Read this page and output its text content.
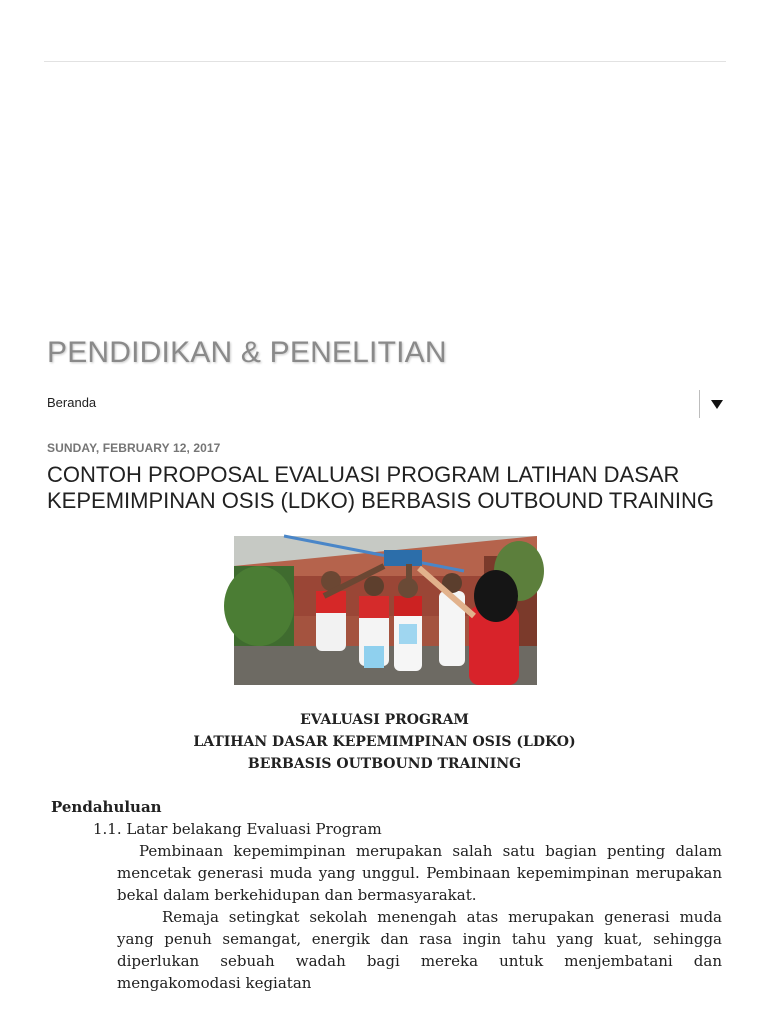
PENDIDIKAN & PENELITIAN
Beranda
SUNDAY, FEBRUARY 12, 2017
CONTOH PROPOSAL EVALUASI PROGRAM LATIHAN DASAR KEPEMIMPINAN OSIS (LDKO) BERBASIS OUTBOUND TRAINING
EVALUASI PROGRAM
LATIHAN DASAR KEPEMIMPINAN OSIS (LDKO)
BERBASIS OUTBOUND TRAINING
Pendahuluan
1.1. Latar belakang Evaluasi Program

Pembinaan kepemimpinan merupakan salah satu bagian penting dalam mencetak generasi muda yang unggul. Pembinaan kepemimpinan merupakan bekal dalam berkehidupan dan bermasyarakat.

Remaja setingkat sekolah menengah atas merupakan generasi muda yang penuh semangat, energik dan rasa ingin tahu yang kuat, sehingga diperlukan sebuah wadah bagi mereka untuk menjembatani dan mengakomodasi kegiatan
